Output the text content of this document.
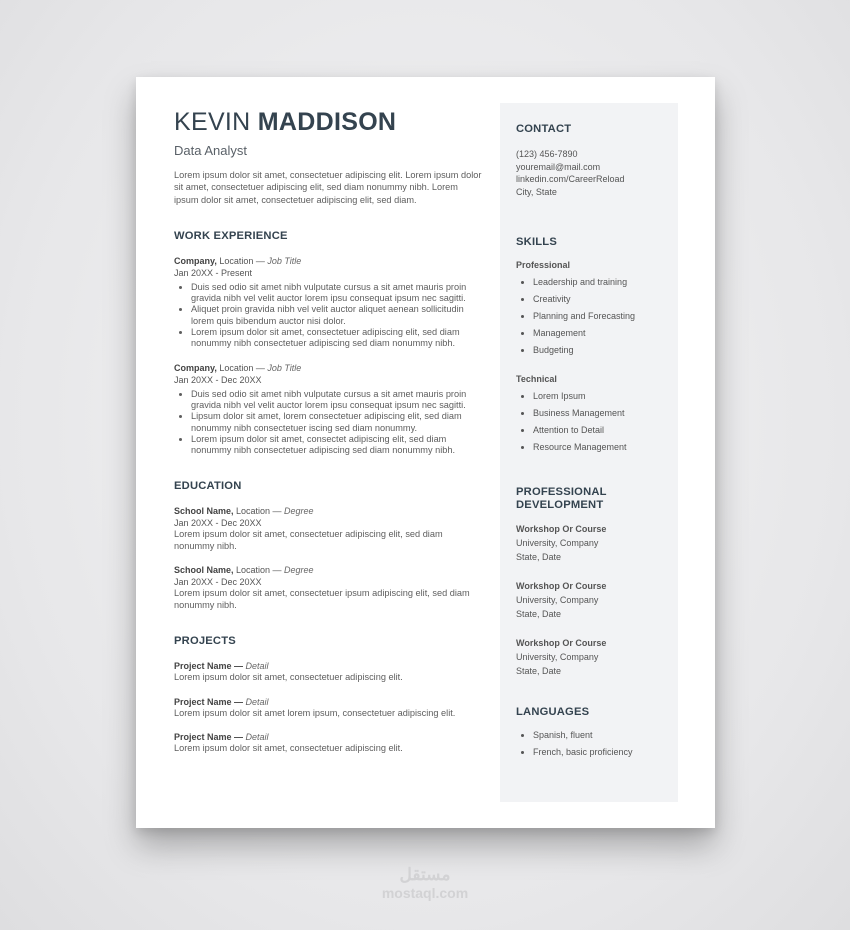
KEVIN MADDISON
Data Analyst
Lorem ipsum dolor sit amet, consectetuer adipiscing elit. Lorem ipsum dolor sit amet, consectetuer adipiscing elit, sed diam nonummy nibh. Lorem ipsum dolor sit amet, consectetuer adipiscing elit, sed diam.
WORK EXPERIENCE
Company, Location — Job Title
Jan 20XX - Present
• Duis sed odio sit amet nibh vulputate cursus a sit amet mauris proin gravida nibh vel velit auctor lorem ipsu consequat ipsum nec sagitti.
• Aliquet proin gravida nibh vel velit auctor aliquet aenean sollicitudin lorem quis bibendum auctor nisi dolor.
• Lorem ipsum dolor sit amet, consectetuer adipiscing elit, sed diam nonummy nibh consectetuer adipiscing sed diam nonummy nibh.
Company, Location — Job Title
Jan 20XX - Dec 20XX
• Duis sed odio sit amet nibh vulputate cursus a sit amet mauris proin gravida nibh vel velit auctor lorem ipsu consequat ipsum nec sagitti.
• Lipsum dolor sit amet, lorem consectetuer adipiscing elit, sed diam nonummy nibh consectetuer iscing sed diam nonummy.
• Lorem ipsum dolor sit amet, consectet adipiscing elit, sed diam nonummy nibh consectetuer adipiscing sed diam nonummy nibh.
EDUCATION
School Name, Location — Degree
Jan 20XX - Dec 20XX
Lorem ipsum dolor sit amet, consectetuer adipiscing elit, sed diam nonummy nibh.
School Name, Location — Degree
Jan 20XX - Dec 20XX
Lorem ipsum dolor sit amet, consectetuer ipsum adipiscing elit, sed diam nonummy nibh.
PROJECTS
Project Name — Detail
Lorem ipsum dolor sit amet, consectetuer adipiscing elit.
Project Name — Detail
Lorem ipsum dolor sit amet lorem ipsum, consectetuer adipiscing elit.
Project Name — Detail
Lorem ipsum dolor sit amet, consectetuer adipiscing elit.
CONTACT
(123) 456-7890
youremail@mail.com
linkedin.com/CareerReload
City, State
SKILLS
Professional
• Leadership and training
• Creativity
• Planning and Forecasting
• Management
• Budgeting
Technical
• Lorem Ipsum
• Business Management
• Attention to Detail
• Resource Management
PROFESSIONAL
DEVELOPMENT
Workshop Or Course
University, Company
State, Date
Workshop Or Course
University, Company
State, Date
Workshop Or Course
University, Company
State, Date
LANGUAGES
• Spanish, fluent
• French, basic proficiency
مستقل
mostaql.com
